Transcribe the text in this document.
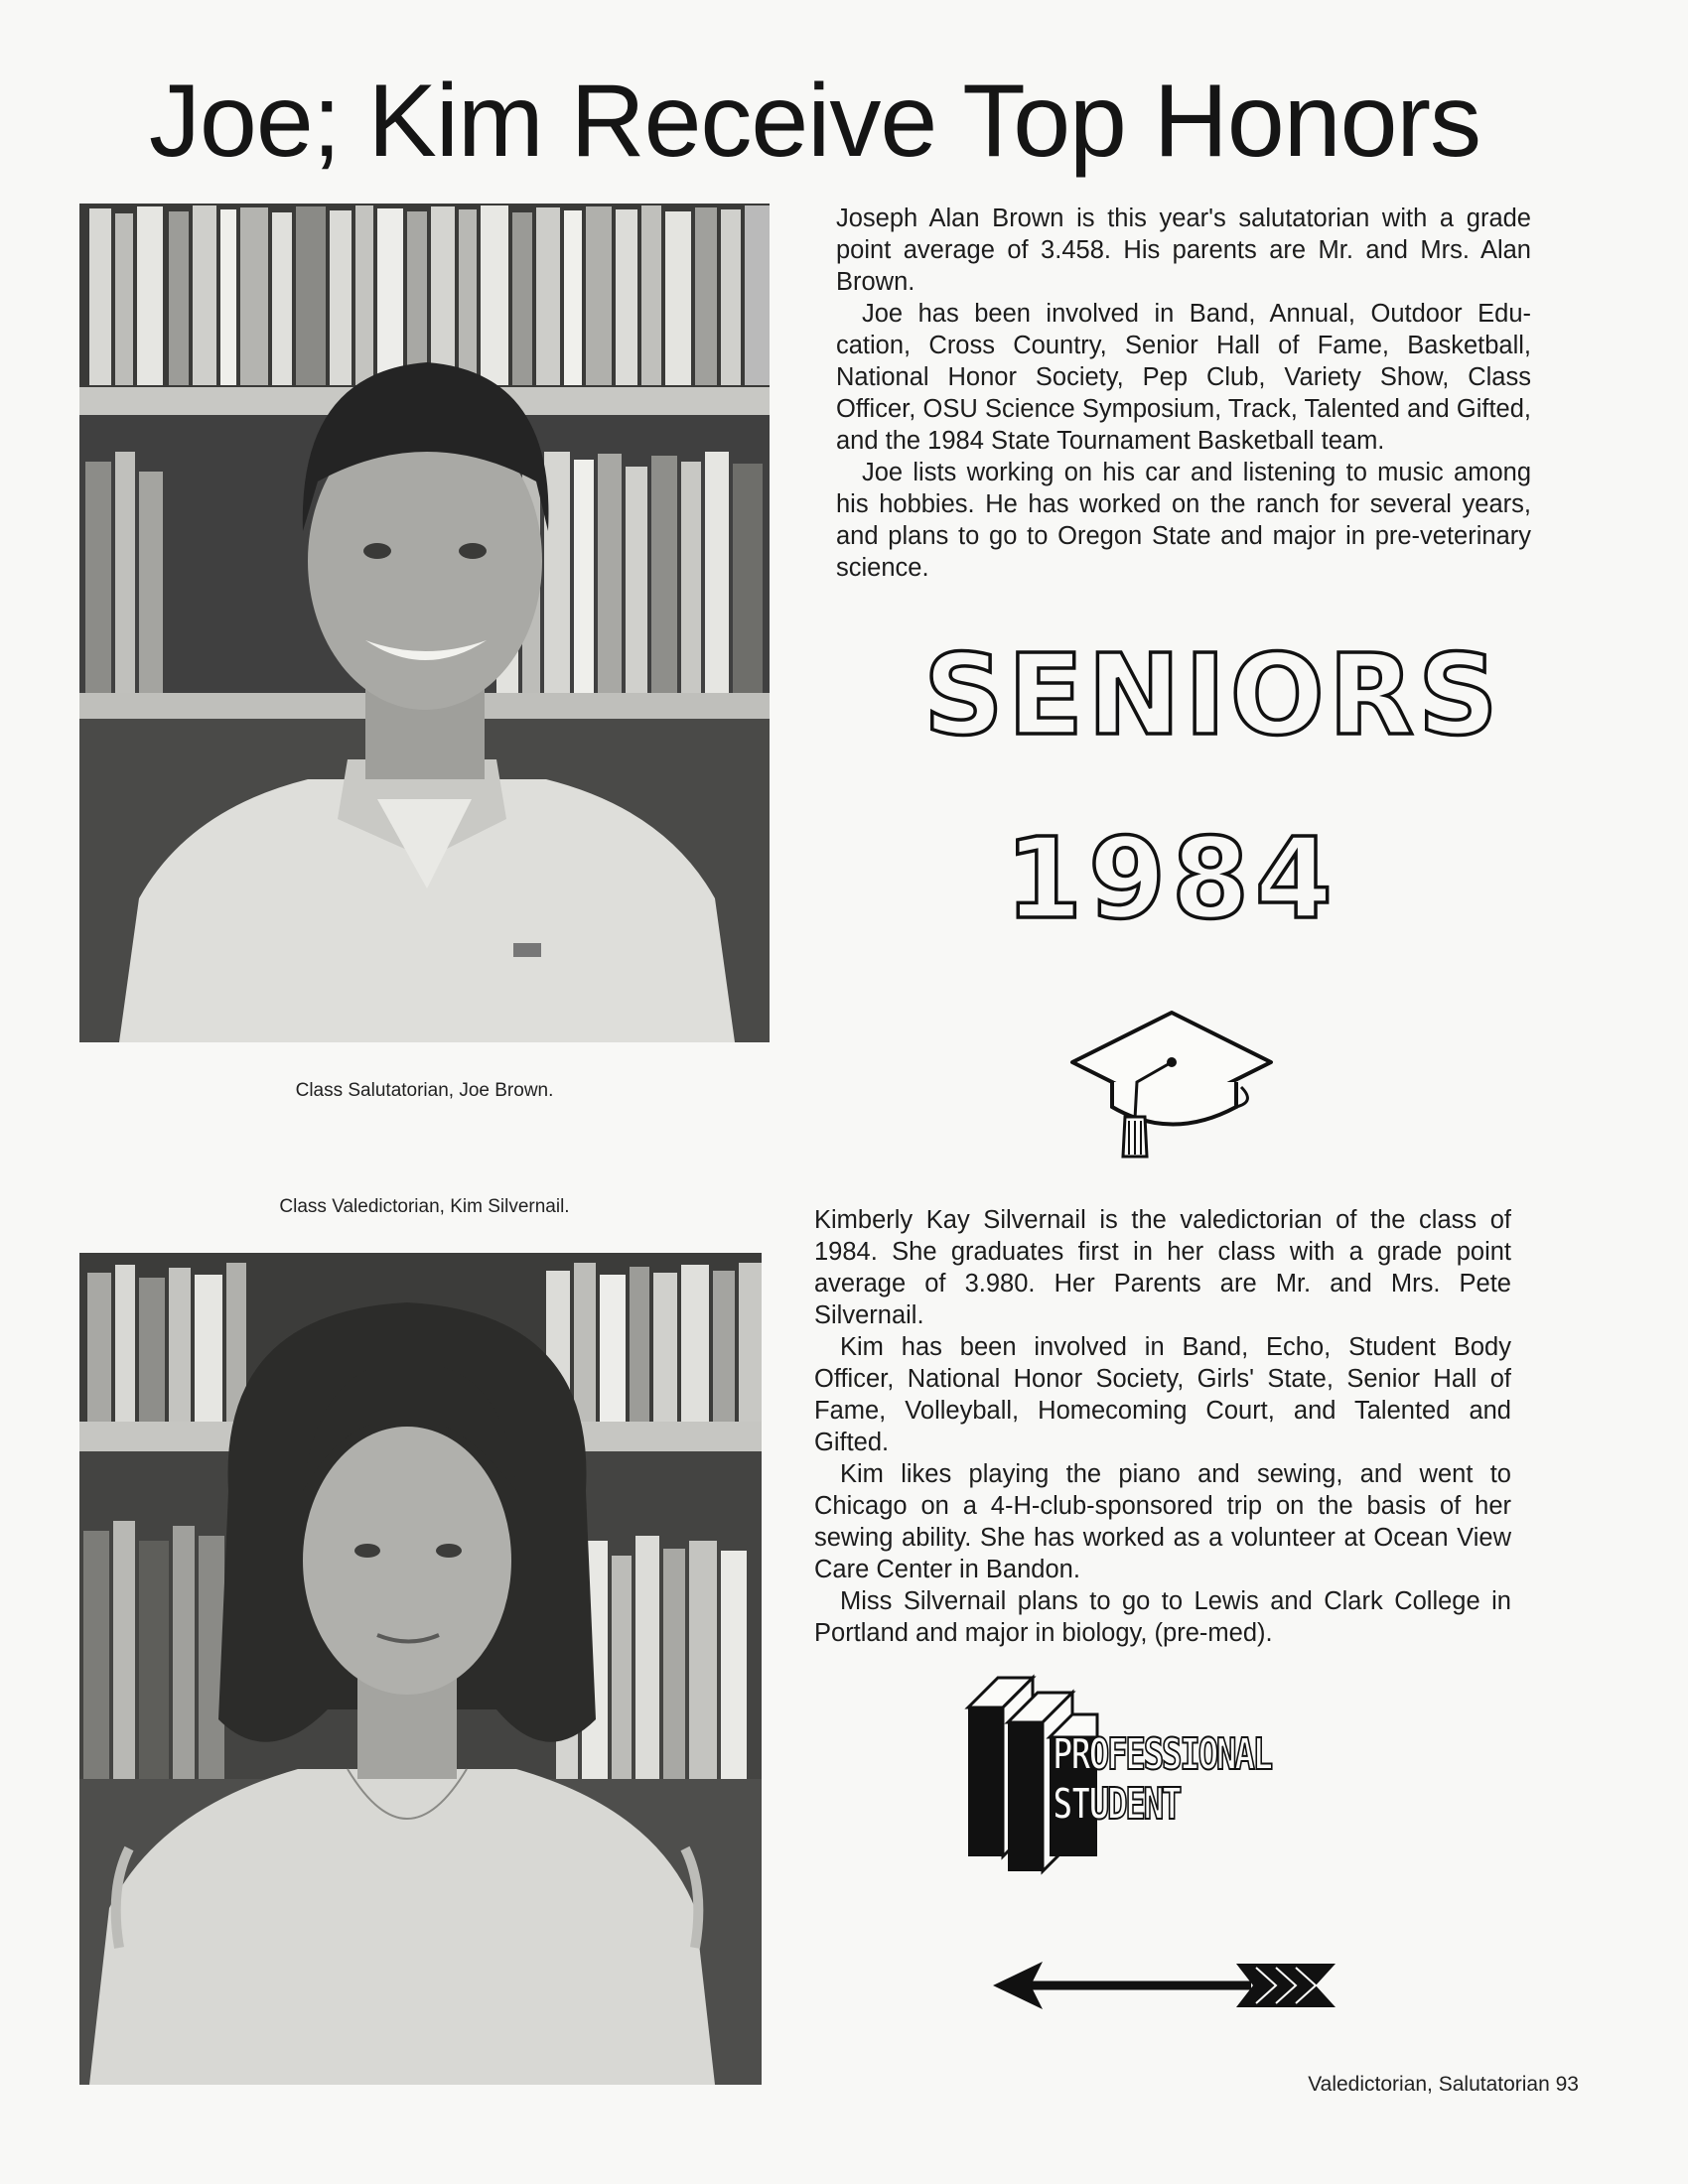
Joe; Kim Receive Top Honors
Class Salutatorian, Joe Brown.

Joseph Alan Brown is this year's salutatorian with a grade point average of 3.458. His parents are Mr. and Mrs. Alan Brown.

Joe has been involved in Band, Annual, Outdoor Edu-cation, Cross Country, Senior Hall of Fame, Basketball, National Honor Society, Pep Club, Variety Show, Class Officer, OSU Science Symposium, Track, Talented and Gifted, and the 1984 State Tournament Basketball team.

Joe lists working on his car and listening to music among his hobbies. He has worked on the ranch for several years, and plans to go to Oregon State and major in pre-veterinary science.

SENIORS
1984
Class Valedictorian, Kim Silvernail.	Kimberly Kay Silvernail is the valedictorian of the class of 1984. She graduates first in her class with a grade point average of 3.980. Her Parents are Mr. and Mrs. Pete Silvernail.

Kim has been involved in Band, Echo, Student Body Officer, National Honor Society, Girls' State, Senior Hall of Fame, Volleyball, Homecoming Court, and Talented and Gifted.

Kim likes playing the piano and sewing, and went to Chicago on a 4-H-club-sponsored trip on the basis of her sewing ability. She has worked as a volunteer at Ocean View Care Center in Bandon.

Miss Silvernail plans to go to Lewis and Clark College in Portland and major in biology, (pre-med).

PROFESSIONAL
STUDENT
Valedictorian, Salutatorian 93
